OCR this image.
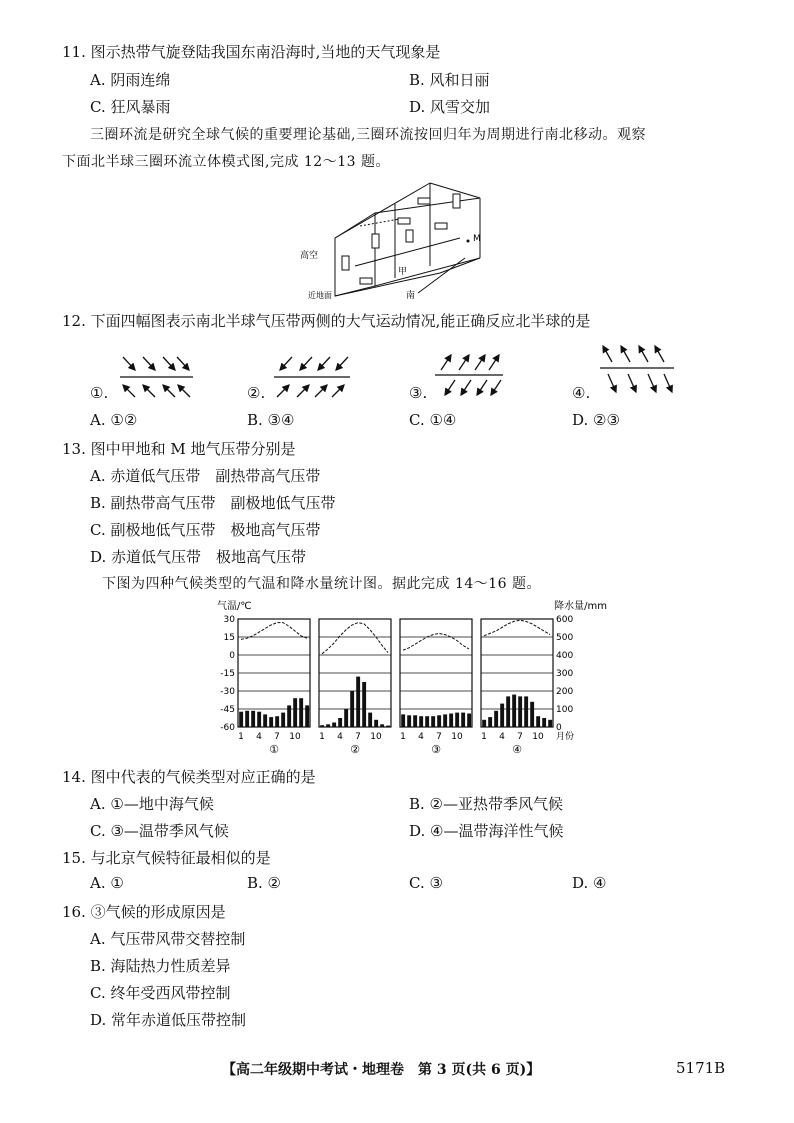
11. 图示热带气旋登陆我国东南沿海时,当地的天气现象是
A. 阴雨连绵	B. 风和日丽
C. 狂风暴雨	D. 风雪交加
三圈环流是研究全球气候的重要理论基础,三圈环流按回归年为周期进行南北移动。观察
下面北半球三圈环流立体模式图,完成 12～13 题。
M
高空
近地面
甲
南
12. 下面四幅图表示南北半球气压带两侧的大气运动情况,能正确反应北半球的是
①.	②.	③.	④.
A. ①②	B. ③④	C. ①④	D. ②③
13. 图中甲地和 M 地气压带分别是
A. 赤道低气压带　副热带高气压带
B. 副热带高气压带　副极地低气压带
C. 副极地低气压带　极地高气压带
D. 赤道低气压带　极地高气压带
下图为四种气候类型的气温和降水量统计图。据此完成 14～16 题。
气温/℃	降水量/mm
30
15
0
-15
-30
-45
-60
600
500
400
300
200
100
0
1 4 7 10
①
1 4 7 10
②
1 4 7 10
③
1 4 7 10
④
月份
14. 图中代表的气候类型对应正确的是
A. ①—地中海气候	B. ②—亚热带季风气候
C. ③—温带季风气候	D. ④—温带海洋性气候
15. 与北京气候特征最相似的是
A. ①	B. ②	C. ③	D. ④
16. ③气候的形成原因是
A. 气压带风带交替控制
B. 海陆热力性质差异
C. 终年受西风带控制
D. 常年赤道低压带控制
【高二年级期中考试・地理卷　第 3 页(共 6 页)】	5171B
